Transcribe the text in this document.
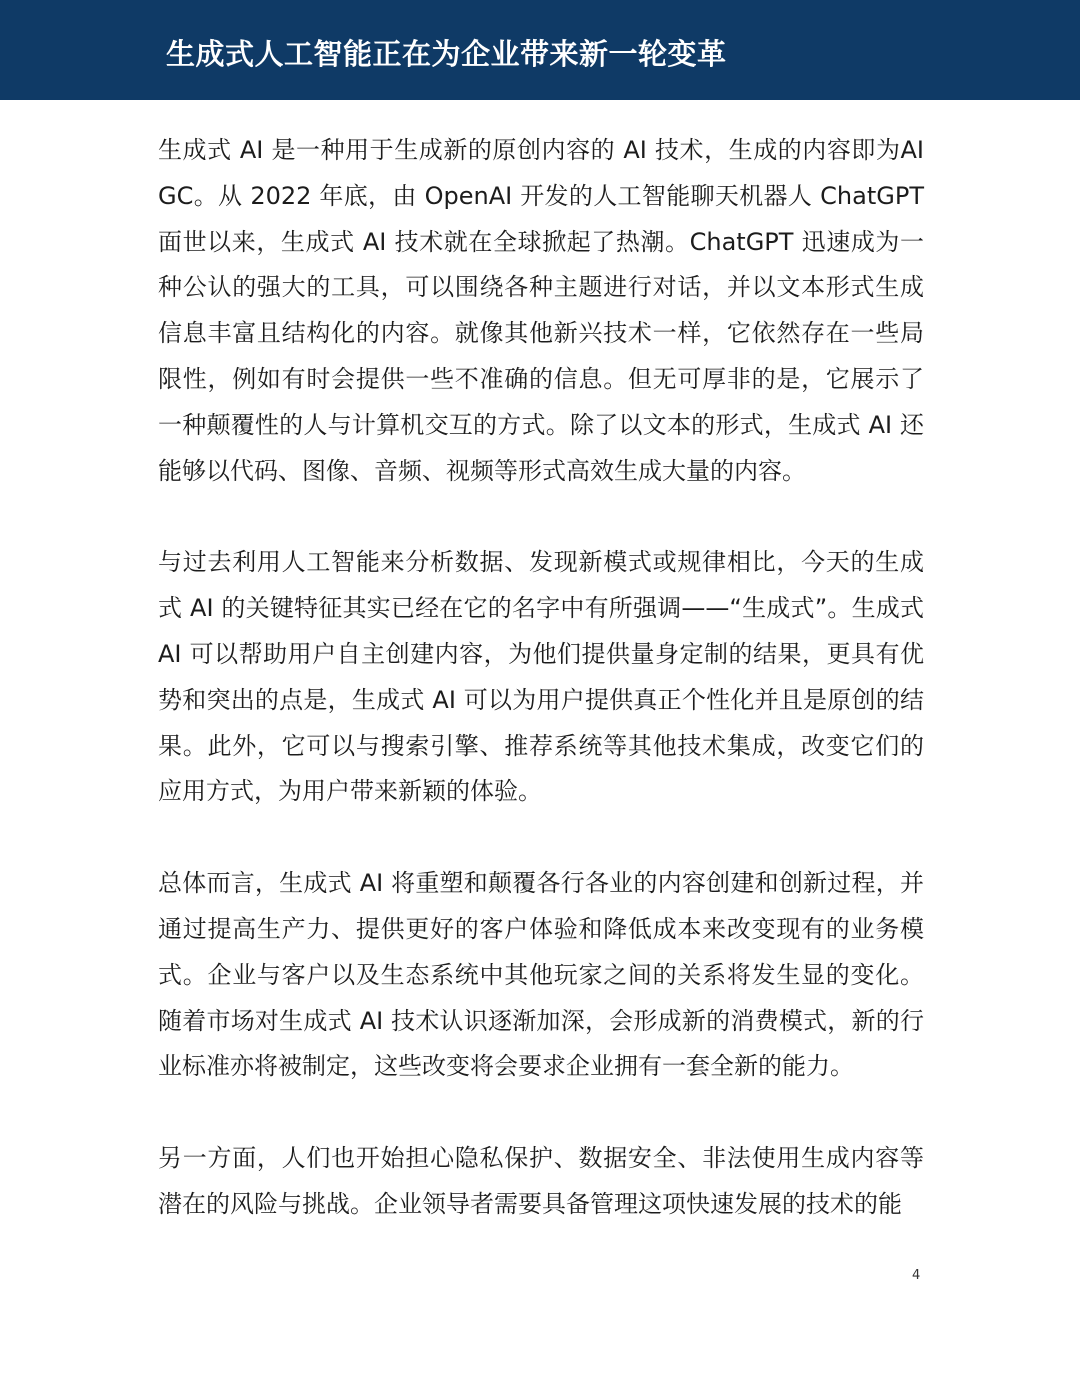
生成式人工智能正在为企业带来新一轮变革

生成式 AI 是一种用于生成新的原创内容的 AI 技术，生成的内容即为AIGC。从 2022 年底，由 OpenAI 开发的人工智能聊天机器人 ChatGPT面世以来，生成式 AI 技术就在全球掀起了热潮。ChatGPT 迅速成为一种公认的强大的工具，可以围绕各种主题进行对话，并以文本形式生成信息丰富且结构化的内容。就像其他新兴技术一样，它依然存在一些局限性，例如有时会提供一些不准确的信息。但无可厚非的是，它展示了一种颠覆性的人与计算机交互的方式。除了以文本的形式，生成式 AI 还能够以代码、图像、音频、视频等形式高效生成大量的内容。

与过去利用人工智能来分析数据、发现新模式或规律相比，今天的生成式 AI 的关键特征其实已经在它的名字中有所强调——“生成式”。生成式 AI 可以帮助用户自主创建内容，为他们提供量身定制的结果，更具有优势和突出的点是，生成式 AI 可以为用户提供真正个性化并且是原创的结果。此外，它可以与搜索引擎、推荐系统等其他技术集成，改变它们的应用方式，为用户带来新颖的体验。

总体而言，生成式 AI 将重塑和颠覆各行各业的内容创建和创新过程，并通过提高生产力、提供更好的客户体验和降低成本来改变现有的业务模式。企业与客户以及生态系统中其他玩家之间的关系将发生显的变化。随着市场对生成式 AI 技术认识逐渐加深，会形成新的消费模式，新的行业标准亦将被制定，这些改变将会要求企业拥有一套全新的能力。

另一方面，人们也开始担心隐私保护、数据安全、非法使用生成内容等潜在的风险与挑战。企业领导者需要具备管理这项快速发展的技术的能

4
